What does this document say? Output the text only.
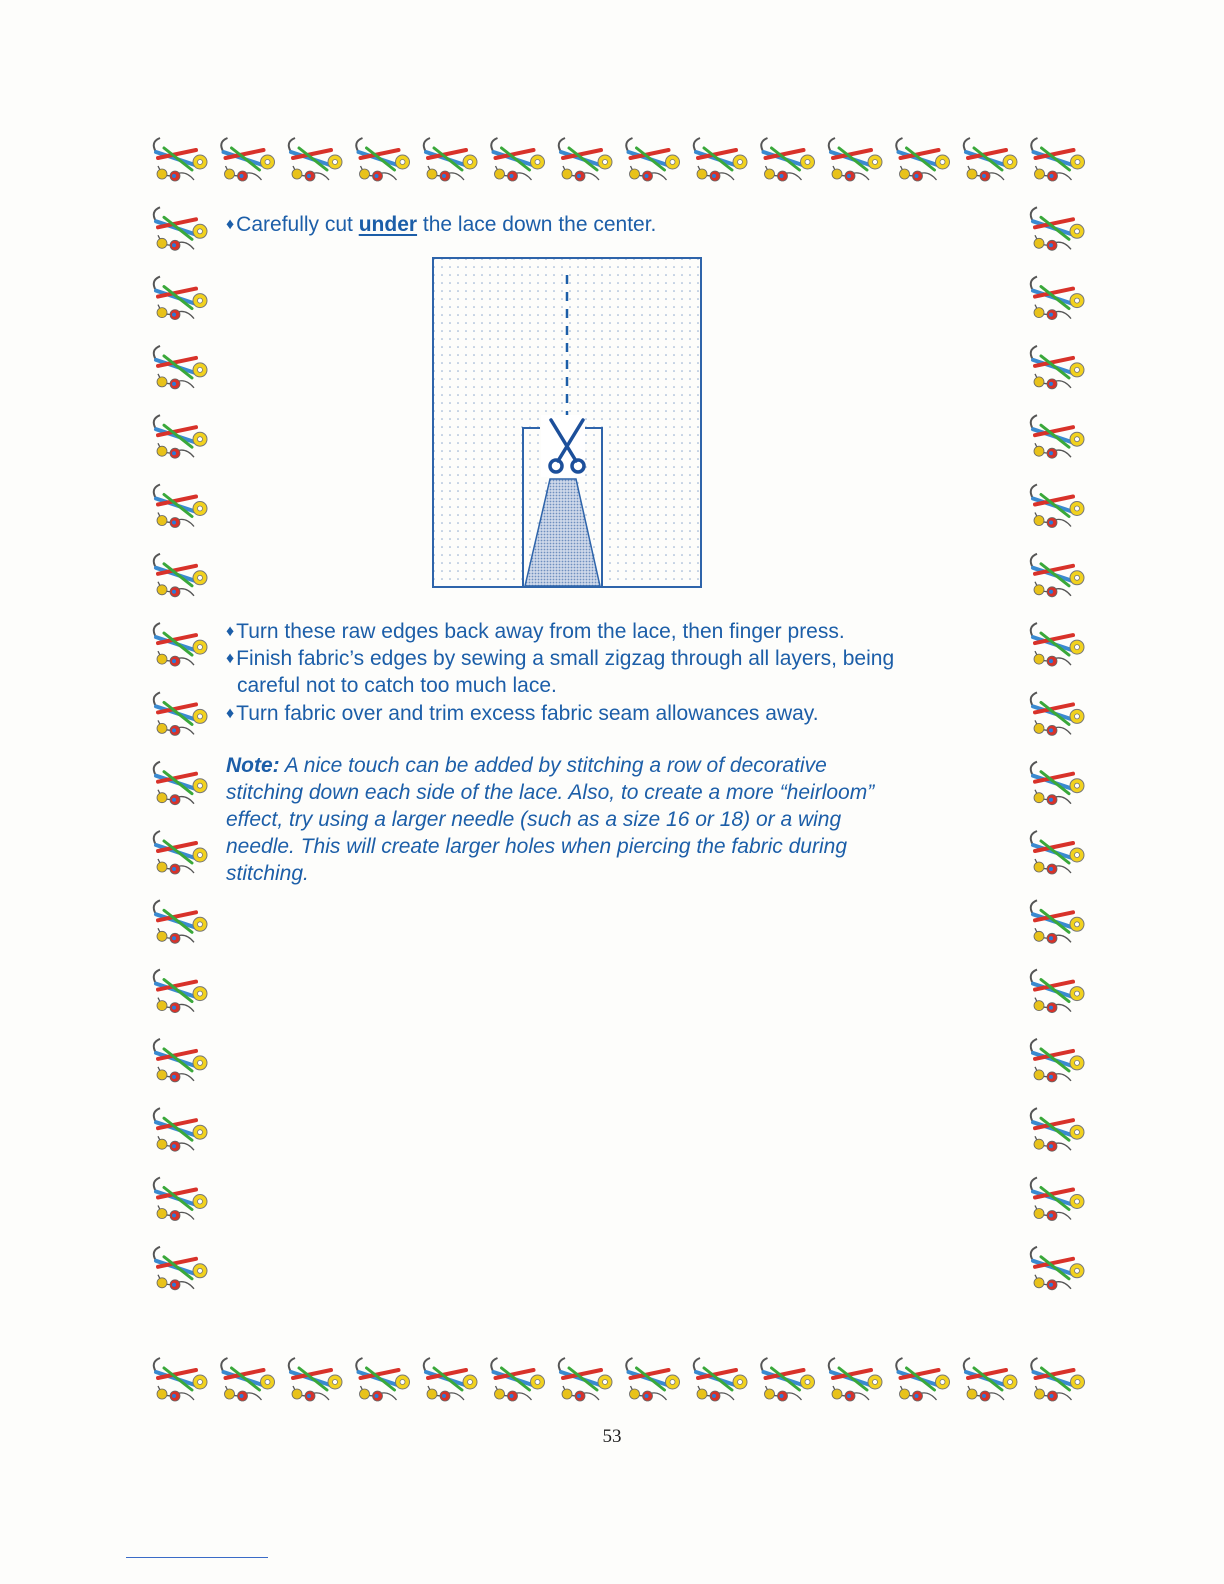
♦Carefully cut under the lace down the center.
♦Turn these raw edges back away from the lace, then finger press.
♦Finish fabric’s edges by sewing a small zigzag through all layers, being
careful not to catch too much lace.
♦Turn fabric over and trim excess fabric seam allowances away.
Note: A nice touch can be added by stitching a row of decorative
stitching down each side of the lace. Also, to create a more “heirloom”
effect, try using a larger needle (such as a size 16 or 18) or a wing
needle. This will create larger holes when piercing the fabric during
stitching.
53
